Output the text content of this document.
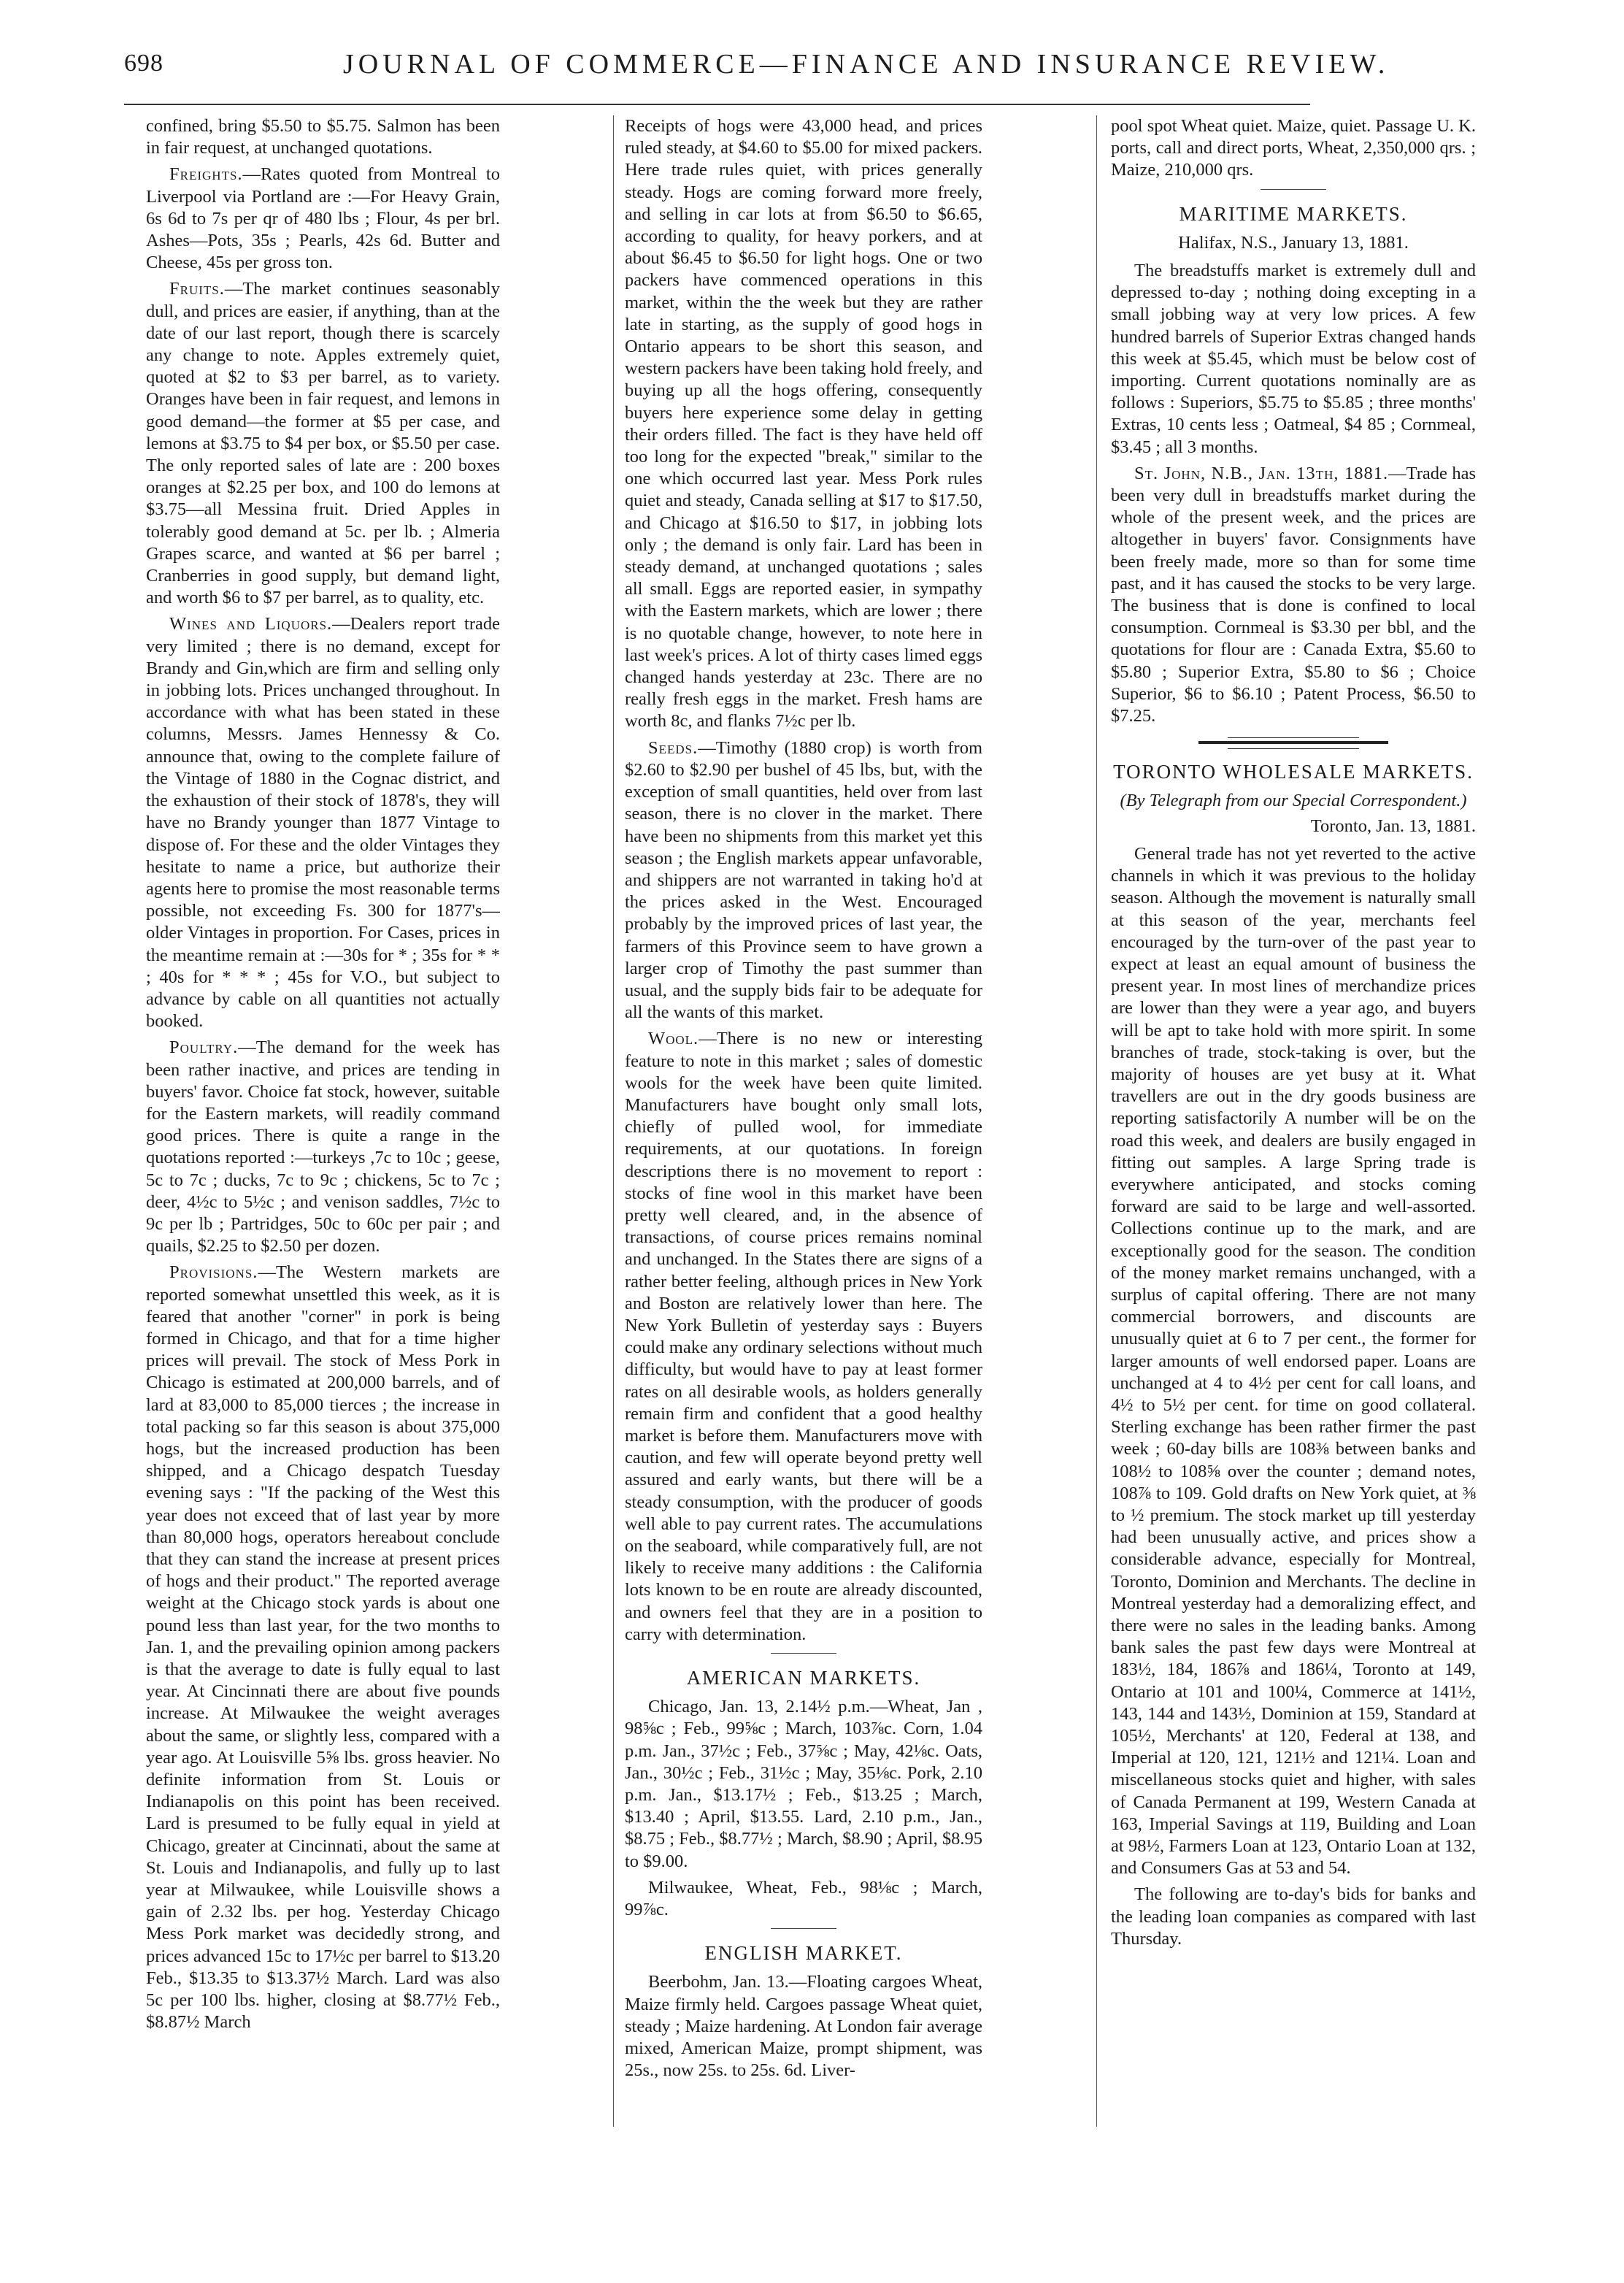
698	JOURNAL OF COMMERCE—FINANCE AND INSURANCE REVIEW.

confined, bring $5.50 to $5.75. Salmon has been in fair request, at unchanged quotations.

Freights.—Rates quoted from Montreal to Liverpool via Portland are :—For Heavy Grain, 6s 6d to 7s per qr of 480 lbs ; Flour, 4s per brl. Ashes—Pots, 35s ; Pearls, 42s 6d. Butter and Cheese, 45s per gross ton.

Fruits.—The market continues seasonably dull, and prices are easier, if anything, than at the date of our last report, though there is scarcely any change to note. Apples extremely quiet, quoted at $2 to $3 per barrel, as to variety. Oranges have been in fair request, and lemons in good demand—the former at $5 per case, and lemons at $3.75 to $4 per box, or $5.50 per case. The only reported sales of late are : 200 boxes oranges at $2.25 per box, and 100 do lemons at $3.75—all Messina fruit. Dried Apples in tolerably good demand at 5c. per lb. ; Almeria Grapes scarce, and wanted at $6 per barrel ; Cranberries in good supply, but demand light, and worth $6 to $7 per barrel, as to quality, etc.

Wines and Liquors.—Dealers report trade very limited ; there is no demand, except for Brandy and Gin,which are firm and selling only in jobbing lots. Prices unchanged throughout. In accordance with what has been stated in these columns, Messrs. James Hennessy & Co. announce that, owing to the complete failure of the Vintage of 1880 in the Cognac district, and the exhaustion of their stock of 1878's, they will have no Brandy younger than 1877 Vintage to dispose of. For these and the older Vintages they hesitate to name a price, but authorize their agents here to promise the most reasonable terms possible, not exceeding Fs. 300 for 1877's—older Vintages in proportion. For Cases, prices in the meantime remain at :—30s for * ; 35s for * * ; 40s for * * * ; 45s for V.O., but subject to advance by cable on all quantities not actually booked.

Poultry.—The demand for the week has been rather inactive, and prices are tending in buyers' favor. Choice fat stock, however, suitable for the Eastern markets, will readily command good prices. There is quite a range in the quotations reported :—turkeys ,7c to 10c ; geese, 5c to 7c ; ducks, 7c to 9c ; chickens, 5c to 7c ; deer, 4½c to 5½c ; and venison saddles, 7½c to 9c per lb ; Partridges, 50c to 60c per pair ; and quails, $2.25 to $2.50 per dozen.

Provisions.—The Western markets are reported somewhat unsettled this week, as it is feared that another "corner" in pork is being formed in Chicago, and that for a time higher prices will prevail. The stock of Mess Pork in Chicago is estimated at 200,000 barrels, and of lard at 83,000 to 85,000 tierces ; the increase in total packing so far this season is about 375,000 hogs, but the increased production has been shipped, and a Chicago despatch Tuesday evening says : "If the packing of the West this year does not exceed that of last year by more than 80,000 hogs, operators hereabout conclude that they can stand the increase at present prices of hogs and their product." The reported average weight at the Chicago stock yards is about one pound less than last year, for the two months to Jan. 1, and the prevailing opinion among packers is that the average to date is fully equal to last year. At Cincinnati there are about five pounds increase. At Milwaukee the weight averages about the same, or slightly less, compared with a year ago. At Louisville 5⅝ lbs. gross heavier. No definite information from St. Louis or Indianapolis on this point has been received. Lard is presumed to be fully equal in yield at Chicago, greater at Cincinnati, about the same at St. Louis and Indianapolis, and fully up to last year at Milwaukee, while Louisville shows a gain of 2.32 lbs. per hog. Yesterday Chicago Mess Pork market was decidedly strong, and prices advanced 15c to 17½c per barrel to $13.20 Feb., $13.35 to $13.37½ March. Lard was also 5c per 100 lbs. higher, closing at $8.77½ Feb., $8.87½ March

Receipts of hogs were 43,000 head, and prices ruled steady, at $4.60 to $5.00 for mixed packers. Here trade rules quiet, with prices generally steady. Hogs are coming forward more freely, and selling in car lots at from $6.50 to $6.65, according to quality, for heavy porkers, and at about $6.45 to $6.50 for light hogs. One or two packers have commenced operations in this market, within the the week but they are rather late in starting, as the supply of good hogs in Ontario appears to be short this season, and western packers have been taking hold freely, and buying up all the hogs offering, consequently buyers here experience some delay in getting their orders filled. The fact is they have held off too long for the expected "break," similar to the one which occurred last year. Mess Pork rules quiet and steady, Canada selling at $17 to $17.50, and Chicago at $16.50 to $17, in jobbing lots only ; the demand is only fair. Lard has been in steady demand, at unchanged quotations ; sales all small. Eggs are reported easier, in sympathy with the Eastern markets, which are lower ; there is no quotable change, however, to note here in last week's prices. A lot of thirty cases limed eggs changed hands yesterday at 23c. There are no really fresh eggs in the market. Fresh hams are worth 8c, and flanks 7½c per lb.

Seeds.—Timothy (1880 crop) is worth from $2.60 to $2.90 per bushel of 45 lbs, but, with the exception of small quantities, held over from last season, there is no clover in the market. There have been no shipments from this market yet this season ; the English markets appear unfavorable, and shippers are not warranted in taking ho'd at the prices asked in the West. Encouraged probably by the improved prices of last year, the farmers of this Province seem to have grown a larger crop of Timothy the past summer than usual, and the supply bids fair to be adequate for all the wants of this market.

Wool.—There is no new or interesting feature to note in this market ; sales of domestic wools for the week have been quite limited. Manufacturers have bought only small lots, chiefly of pulled wool, for immediate requirements, at our quotations. In foreign descriptions there is no movement to report : stocks of fine wool in this market have been pretty well cleared, and, in the absence of transactions, of course prices remains nominal and unchanged. In the States there are signs of a rather better feeling, although prices in New York and Boston are relatively lower than here. The New York Bulletin of yesterday says : Buyers could make any ordinary selections without much difficulty, but would have to pay at least former rates on all desirable wools, as holders generally remain firm and confident that a good healthy market is before them. Manufacturers move with caution, and few will operate beyond pretty well assured and early wants, but there will be a steady consumption, with the producer of goods well able to pay current rates. The accumulations on the seaboard, while comparatively full, are not likely to receive many additions : the California lots known to be en route are already discounted, and owners feel that they are in a position to carry with determination.

AMERICAN MARKETS.

Chicago, Jan. 13, 2.14½ p.m.—Wheat, Jan , 98⅝c ; Feb., 99⅝c ; March, 103⅞c. Corn, 1.04 p.m. Jan., 37½c ; Feb., 37⅝c ; May, 42⅛c. Oats, Jan., 30½c ; Feb., 31½c ; May, 35⅛c. Pork, 2.10 p.m. Jan., $13.17½ ; Feb., $13.25 ; March, $13.40 ; April, $13.55. Lard, 2.10 p.m., Jan., $8.75 ; Feb., $8.77½ ; March, $8.90 ; April, $8.95 to $9.00.

Milwaukee, Wheat, Feb., 98⅛c ; March, 99⅞c.

ENGLISH MARKET.

Beerbohm, Jan. 13.—Floating cargoes Wheat, Maize firmly held. Cargoes passage Wheat quiet, steady ; Maize hardening. At London fair average mixed, American Maize, prompt shipment, was 25s., now 25s. to 25s. 6d. Liver-

pool spot Wheat quiet. Maize, quiet. Passage U. K. ports, call and direct ports, Wheat, 2,350,000 qrs. ; Maize, 210,000 qrs.

MARITIME MARKETS.
Halifax, N.S., January 13, 1881.

The breadstuffs market is extremely dull and depressed to-day ; nothing doing excepting in a small jobbing way at very low prices. A few hundred barrels of Superior Extras changed hands this week at $5.45, which must be below cost of importing. Current quotations nominally are as follows : Superiors, $5.75 to $5.85 ; three months' Extras, 10 cents less ; Oatmeal, $4 85 ; Cornmeal, $3.45 ; all 3 months.

St. John, N.B., Jan. 13th, 1881.—Trade has been very dull in breadstuffs market during the whole of the present week, and the prices are altogether in buyers' favor. Consignments have been freely made, more so than for some time past, and it has caused the stocks to be very large. The business that is done is confined to local consumption. Cornmeal is $3.30 per bbl, and the quotations for flour are : Canada Extra, $5.60 to $5.80 ; Superior Extra, $5.80 to $6 ; Choice Superior, $6 to $6.10 ; Patent Process, $6.50 to $7.25.

TORONTO WHOLESALE MARKETS.
(By Telegraph from our Special Correspondent.)
Toronto, Jan. 13, 1881.

General trade has not yet reverted to the active channels in which it was previous to the holiday season. Although the movement is naturally small at this season of the year, merchants feel encouraged by the turn-over of the past year to expect at least an equal amount of business the present year. In most lines of merchandize prices are lower than they were a year ago, and buyers will be apt to take hold with more spirit. In some branches of trade, stock-taking is over, but the majority of houses are yet busy at it. What travellers are out in the dry goods business are reporting satisfactorily A number will be on the road this week, and dealers are busily engaged in fitting out samples. A large Spring trade is everywhere anticipated, and stocks coming forward are said to be large and well-assorted. Collections continue up to the mark, and are exceptionally good for the season. The condition of the money market remains unchanged, with a surplus of capital offering. There are not many commercial borrowers, and discounts are unusually quiet at 6 to 7 per cent., the former for larger amounts of well endorsed paper. Loans are unchanged at 4 to 4½ per cent for call loans, and 4½ to 5½ per cent. for time on good collateral. Sterling exchange has been rather firmer the past week ; 60-day bills are 108⅜ between banks and 108½ to 108⅝ over the counter ; demand notes, 108⅞ to 109. Gold drafts on New York quiet, at ⅜ to ½ premium. The stock market up till yesterday had been unusually active, and prices show a considerable advance, especially for Montreal, Toronto, Dominion and Merchants. The decline in Montreal yesterday had a demoralizing effect, and there were no sales in the leading banks. Among bank sales the past few days were Montreal at 183½, 184, 186⅞ and 186¼, Toronto at 149, Ontario at 101 and 100¼, Commerce at 141½, 143, 144 and 143½, Dominion at 159, Standard at 105½, Merchants' at 120, Federal at 138, and Imperial at 120, 121, 121½ and 121¼. Loan and miscellaneous stocks quiet and higher, with sales of Canada Permanent at 199, Western Canada at 163, Imperial Savings at 119, Building and Loan at 98½, Farmers Loan at 123, Ontario Loan at 132, and Consumers Gas at 53 and 54.

The following are to-day's bids for banks and the leading loan companies as compared with last Thursday.
